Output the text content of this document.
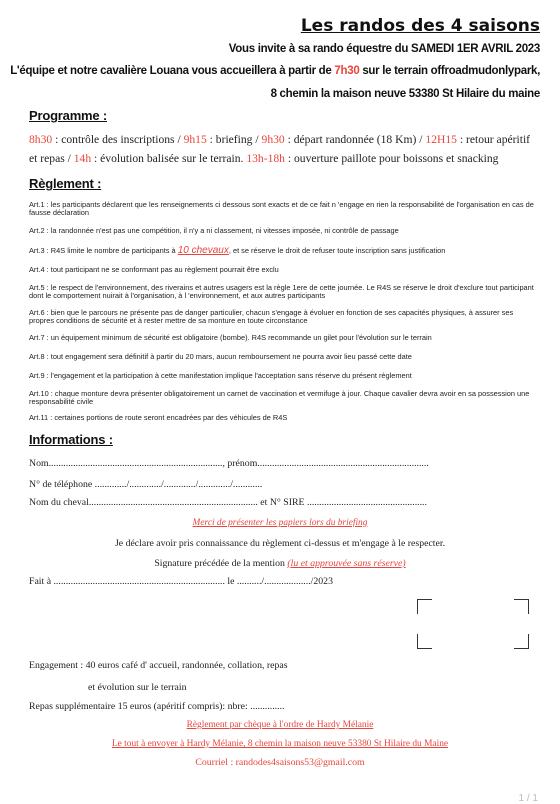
Les randos des 4 saisons
Vous invite à sa rando équestre du SAMEDI 1ER AVRIL 2023
L'équipe et notre cavalière Louana vous accueillera à partir de 7h30 sur le terrain offroadmudonlypark,
8 chemin la maison neuve 53380 St Hilaire du maine
Programme :
8h30 : contrôle des inscriptions / 9h15 : briefing / 9h30 : départ randonnée (18 Km) / 12H15 : retour apéritif et repas / 14h : évolution balisée sur le terrain. 13h-18h : ouverture paillote pour boissons et snacking
Règlement :
Art.1 : les participants déclarent que les renseignements ci dessous sont exacts et de ce fait n 'engage en rien la responsabilité de l'organisation en cas de fausse déclaration
Art.2 : la randonnée n'est pas une compétition, il n'y a ni classement, ni vitesses imposée, ni contrôle de passage
Art.3 : R4S limite le nombre de participants à 10 chevaux, et se réserve le droit de refuser toute inscription sans justification
Art.4 : tout participant ne se conformant pas au règlement pourrait être exclu
Art.5 : le respect de l'environnement, des riverains et autres usagers est la règle 1ere de cette journée. Le R4S se réserve le droit d'exclure tout participant dont le comportement nuirait à l'organisation, à l 'environnement, et aux autres participants
Art.6 : bien que le parcours ne présente pas de danger particulier, chacun s'engage à évoluer en fonction de ses capacités physiques, à assurer ses propres conditions de sécurité et à rester mettre de sa monture en toute circonstance
Art.7 : un équipement minimum de sécurité est obligatoire (bombe). R4S recommande un gilet pour l'évolution sur le terrain
Art.8 : tout engagement sera définitif à partir du 20 mars, aucun remboursement ne pourra avoir lieu passé cette date
Art.9 : l'engagement et la participation à cette manifestation implique l'acceptation sans réserve du présent règlement
Art.10 : chaque monture devra présenter obligatoirement un carnet de vaccination et vermifuge à jour. Chaque cavalier devra avoir en sa possession une responsabilité civile
Art.11 : certaines portions de route seront encadrées par des véhicules de R4S
Informations :
Nom......................................................................., prénom......................................................................
N° de téléphone ............./............./............./............./............
Nom du cheval..................................................................... et N° SIRE .................................................
Merci de présenter les papiers lors du briefing
Je déclare avoir pris connaissance du règlement ci-dessus et m'engage à le respecter.
Signature précédée de la mention (lu et approuvée sans réserve)
Fait à ...................................................................... le ........../.................../2023
Engagement : 40 euros café d' accueil, randonnée, collation, repas
et évolution sur le terrain
Repas supplémentaire 15 euros (apéritif compris): nbre: ..............
Règlement par chèque à l'ordre de Hardy Mélanie
Le tout à envoyer à Hardy Mélanie, 8 chemin la maison neuve 53380 St Hilaire du Maine
Courriel : randodes4saisons53@gmail.com
1 / 1
